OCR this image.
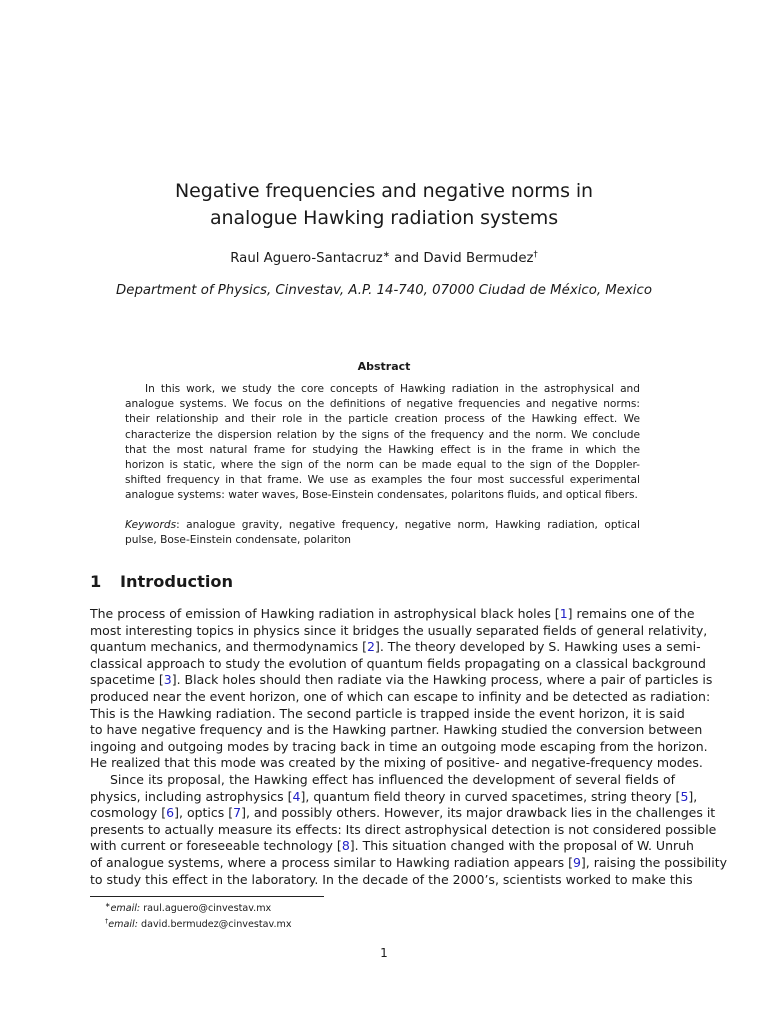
Negative frequencies and negative norms in
analogue Hawking radiation systems
Raul Aguero-Santacruz∗ and David Bermudez†
Department of Physics, Cinvestav, A.P. 14-740, 07000 Ciudad de México, Mexico
Abstract
In this work, we study the core concepts of Hawking radiation in the astrophysical and
analogue systems. We focus on the definitions of negative frequencies and negative norms:
their relationship and their role in the particle creation process of the Hawking effect. We
characterize the dispersion relation by the signs of the frequency and the norm. We conclude
that the most natural frame for studying the Hawking effect is in the frame in which the
horizon is static, where the sign of the norm can be made equal to the sign of the Doppler-
shifted frequency in that frame. We use as examples the four most successful experimental
analogue systems: water waves, Bose-Einstein condensates, polaritons fluids, and optical fibers.
Keywords: analogue gravity, negative frequency, negative norm, Hawking radiation, optical
pulse, Bose-Einstein condensate, polariton
1 Introduction
The process of emission of Hawking radiation in astrophysical black holes [1] remains one of the
most interesting topics in physics since it bridges the usually separated fields of general relativity,
quantum mechanics, and thermodynamics [2]. The theory developed by S. Hawking uses a semi-
classical approach to study the evolution of quantum fields propagating on a classical background
spacetime [3]. Black holes should then radiate via the Hawking process, where a pair of particles is
produced near the event horizon, one of which can escape to infinity and be detected as radiation:
This is the Hawking radiation. The second particle is trapped inside the event horizon, it is said
to have negative frequency and is the Hawking partner. Hawking studied the conversion between
ingoing and outgoing modes by tracing back in time an outgoing mode escaping from the horizon.
He realized that this mode was created by the mixing of positive- and negative-frequency modes.
Since its proposal, the Hawking effect has influenced the development of several fields of
physics, including astrophysics [4], quantum field theory in curved spacetimes, string theory [5],
cosmology [6], optics [7], and possibly others. However, its major drawback lies in the challenges it
presents to actually measure its effects: Its direct astrophysical detection is not considered possible
with current or foreseeable technology [8]. This situation changed with the proposal of W. Unruh
of analogue systems, where a process similar to Hawking radiation appears [9], raising the possibility
to study this effect in the laboratory. In the decade of the 2000’s, scientists worked to make this
∗email: raul.aguero@cinvestav.mx
†email: david.bermudez@cinvestav.mx
1
